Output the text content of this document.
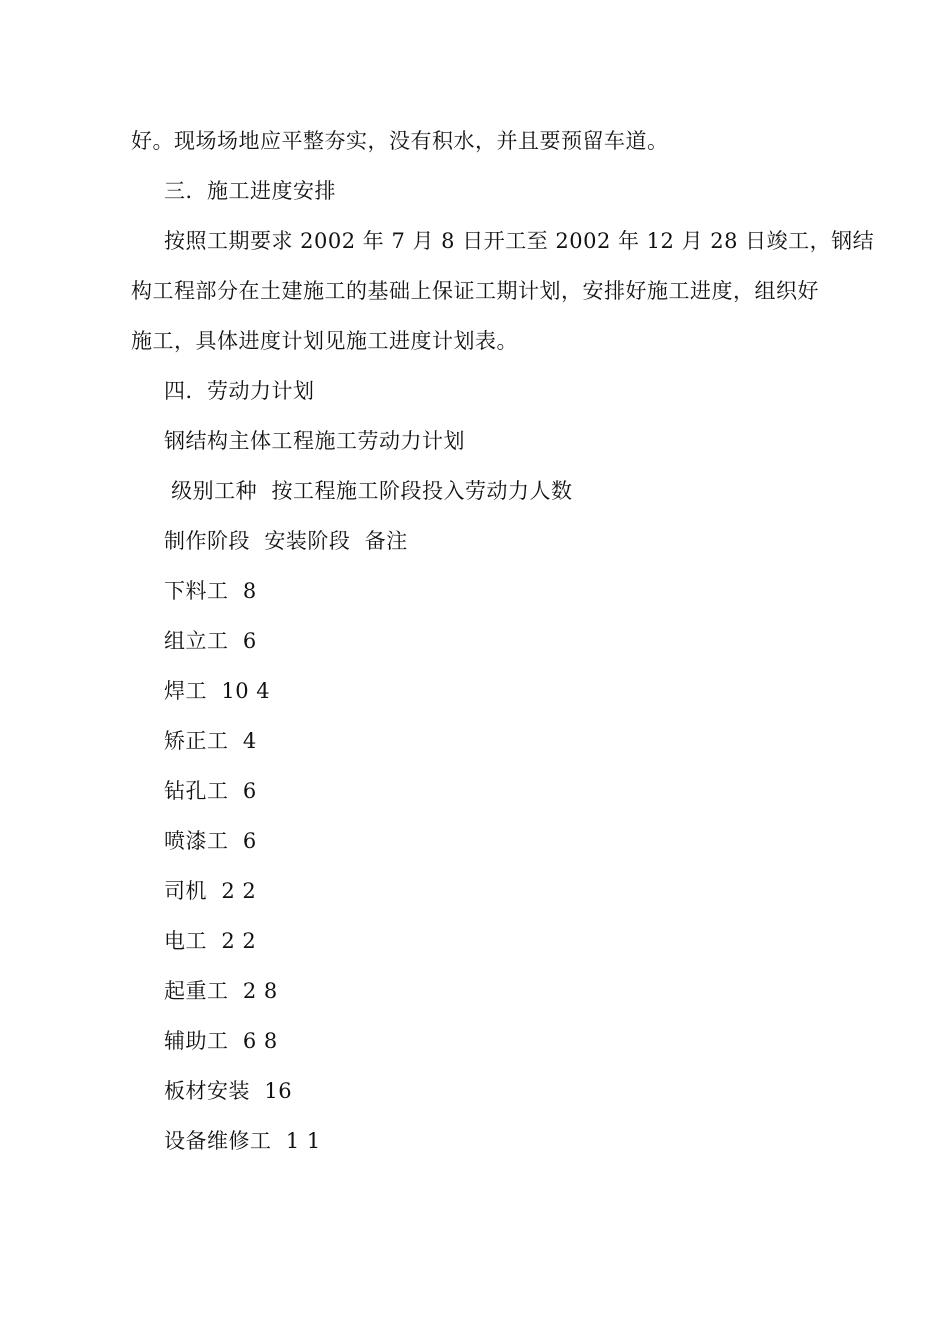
好。现场场地应平整夯实，没有积水，并且要预留车道。
三．施工进度安排
按照工期要求 2002 年 7 月 8 日开工至 2002 年 12 月 28 日竣工，钢结
构工程部分在土建施工的基础上保证工期计划，安排好施工进度，组织好
施工，具体进度计划见施工进度计划表。
四．劳动力计划
钢结构主体工程施工劳动力计划
级别工种  按工程施工阶段投入劳动力人数
制作阶段  安装阶段  备注
下料工  8
组立工  6
焊工  10 4
矫正工  4
钻孔工  6
喷漆工  6
司机  2 2
电工  2 2
起重工  2 8
辅助工  6 8
板材安装  16
设备维修工  1 1
